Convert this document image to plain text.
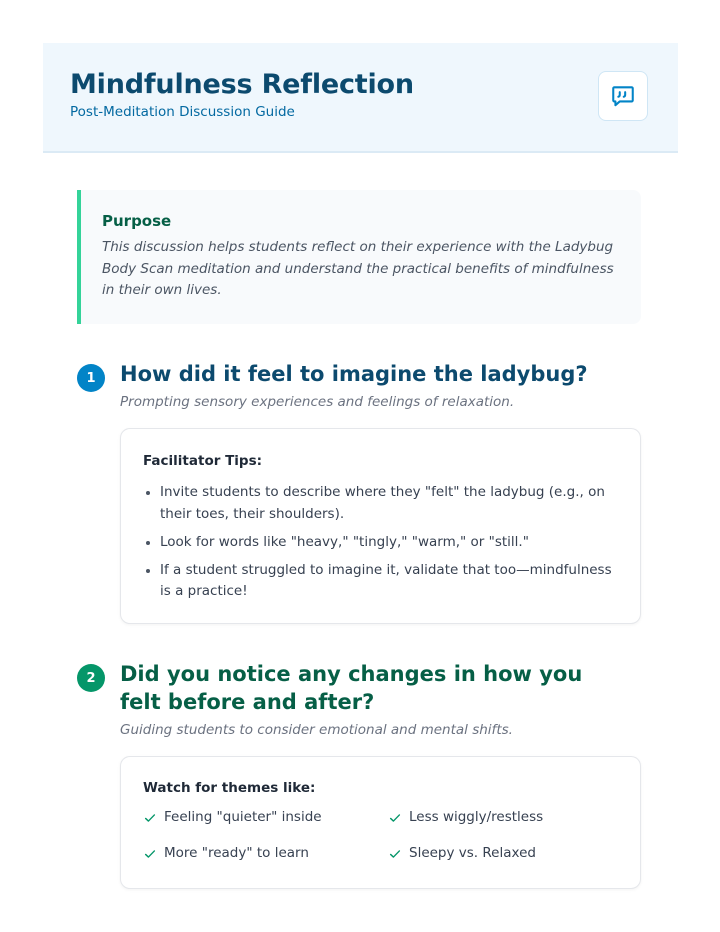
Mindfulness Reflection
Post-Meditation Discussion Guide
Purpose

This discussion helps students reflect on their experience with the Ladybug Body Scan meditation and understand the practical benefits of mindfulness in their own lives.

1	How did it feel to imagine the ladybug?
Prompting sensory experiences and feelings of relaxation.
Facilitator Tips:
Invite students to describe where they "felt" the ladybug (e.g., on their toes, their shoulders).
Look for words like "heavy," "tingly," "warm," or "still."
If a student struggled to imagine it, validate that too—mindfulness is a practice!
2	Did you notice any changes in how you felt before and after?
Guiding students to consider emotional and mental shifts.
Watch for themes like:
Feeling "quieter" inside	Less wiggly/restless
More "ready" to learn	Sleepy vs. Relaxed
